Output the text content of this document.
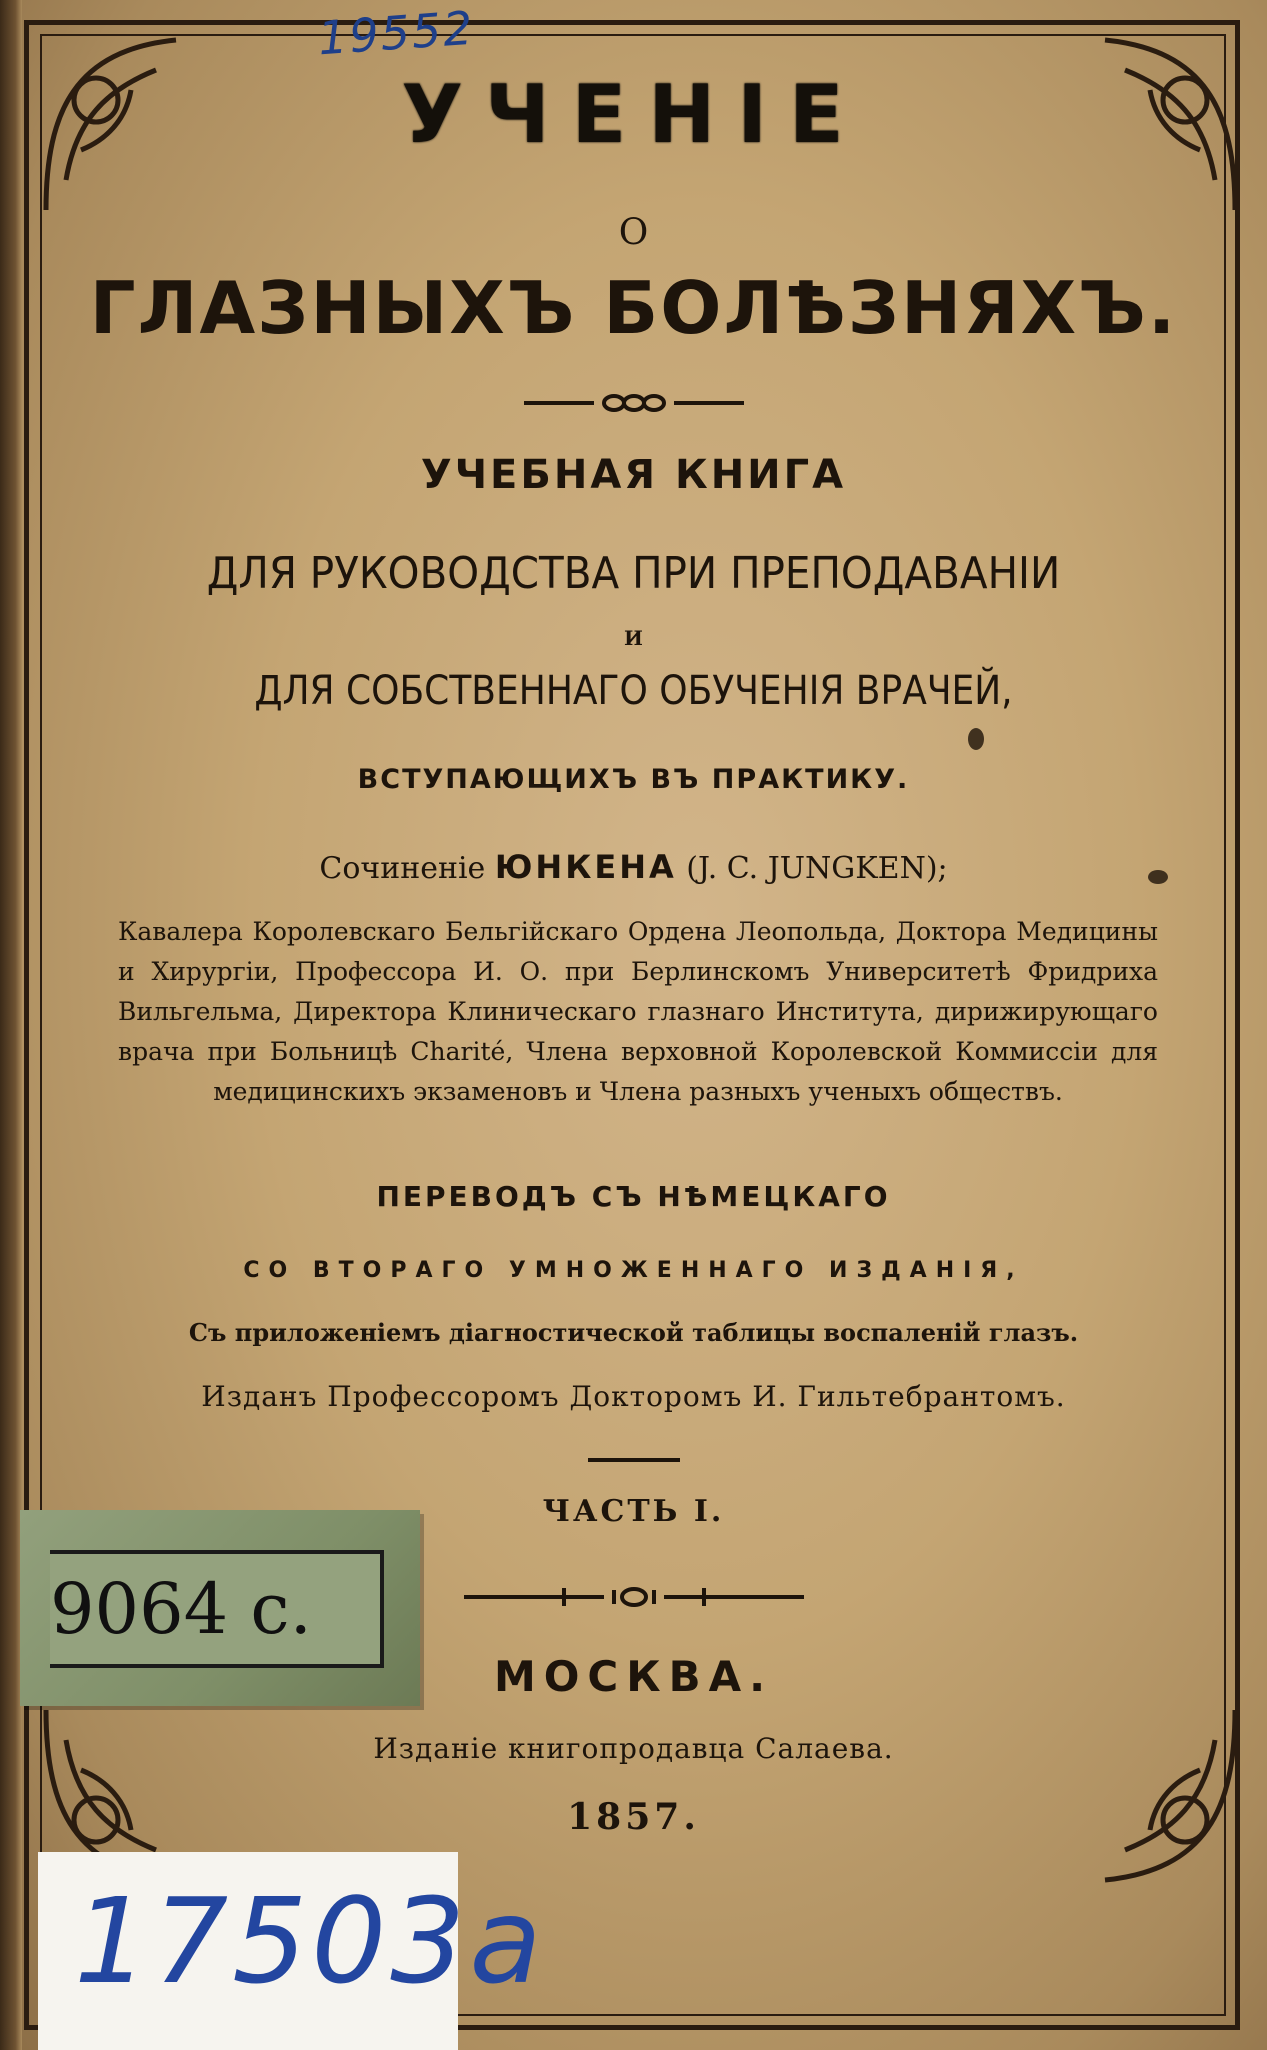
19552
УЧЕНІЕ
О
ГЛАЗНЫХЪ БОЛѢЗНЯХЪ.
УЧЕБНАЯ КНИГА
ДЛЯ РУКОВОДСТВА ПРИ ПРЕПОДАВАНІИ
И
ДЛЯ СОБСТВЕННАГО ОБУЧЕНІЯ ВРАЧЕЙ,
ВСТУПАЮЩИХЪ ВЪ ПРАКТИКУ.
Сочиненіе ЮНКЕНА (J. C. JUNGKEN);
Кавалера Королевскаго Бельгійскаго Ордена Леопольда, Доктора Медицины и Хирургіи, Профессора И. О. при Берлинскомъ Университетѣ Фридриха Вильгельма, Директора Клиническаго глазнаго Института, дирижирующаго врача при Больницѣ Charité, Члена верховной Королевской Коммиссіи для медицинскихъ экзаменовъ и Члена разныхъ ученыхъ обществъ.
ПЕРЕВОДЪ СЪ НѢМЕЦКАГО
СО ВТОРАГО УМНОЖЕННАГО ИЗДАНІЯ,
Съ приложеніемъ діагностической таблицы воспаленій глазъ.
Изданъ Профессоромъ Докторомъ И. Гильтебрантомъ.
ЧАСТЬ I.
МОСКВА.
Изданіе книгопродавца Салаева.
1857.
9064 с.
17503а
